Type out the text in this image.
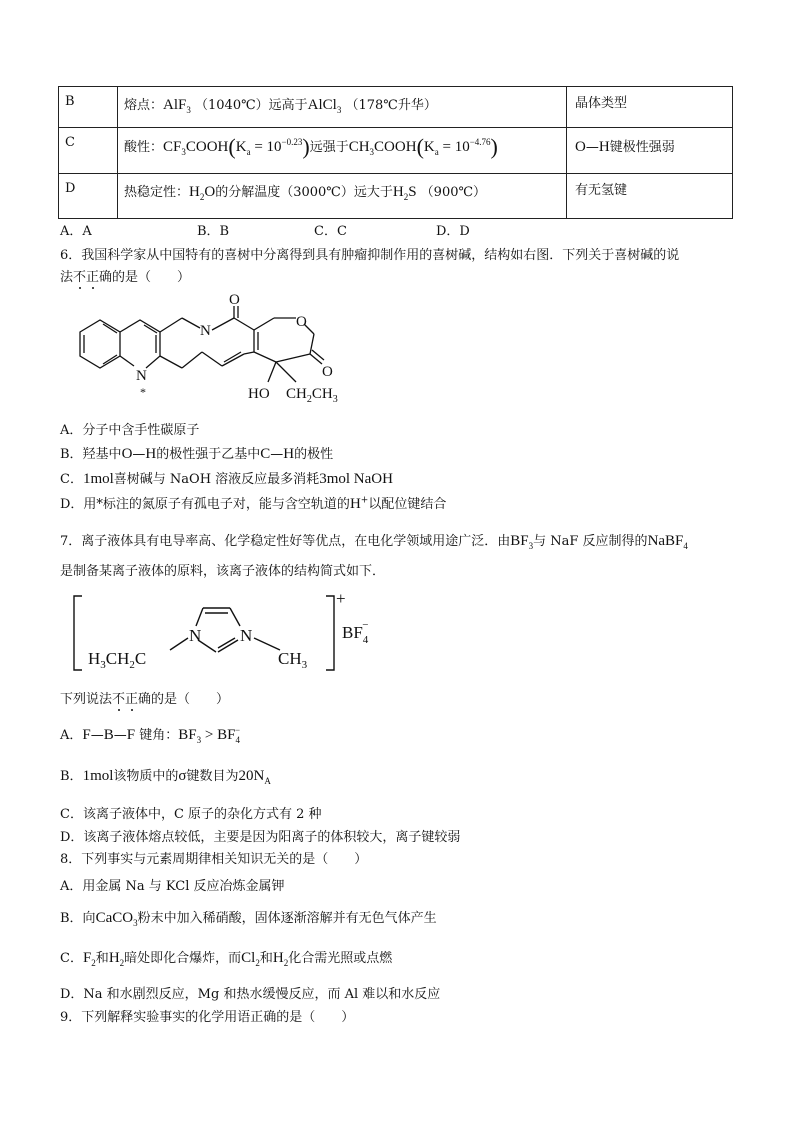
B	熔点：AlF$_3$ （1040℃）远高于AlCl$_3$ （178℃升华）	晶体类型
C	酸性：$CF_3COOH(K_a = 10^{-0.23})$远强于$CH_3COOH(K_a = 10^{-4.76})$	O—H键极性强弱
D	热稳定性：$H_2O$的分解温度（3000℃）远大于$H_2S$ （900℃）	有无氢键
A．A	B．B	C．C	D．D
6．我国科学家从中国特有的喜树中分离得到具有肿瘤抑制作用的喜树碱，结构如右图．下列关于喜树碱的说
法不正确的是（　　）
O
O
O
N
N
*	HO $CH_2CH_3$
A．分子中含手性碳原子
B．羟基中O—H的极性强于乙基中C—H的极性
C．1mol喜树碱与 NaOH 溶液反应最多消耗3mol NaOH
D．用*标注的氮原子有孤电子对，能与含空轨道的H+以配位键结合
7．离子液体具有电导率高、化学稳定性好等优点，在电化学领域用途广泛．由$BF_3$与 NaF 反应制得的NaBF$_4$
是制备某离子液体的原料，该离子液体的结构简式如下．
$H_3CH_2C$
N N
$CH_3$
+
$BF_4-$
下列说法不正确的是（　　）
A．F—B—F 键角：$BF_3 > BF_4^-$
B．1mol该物质中的σ键数目为$20N_A$
C．该离子液体中，C 原子的杂化方式有 2 种
D．该离子液体熔点较低，主要是因为阳离子的体积较大，离子键较弱
8．下列事实与元素周期律相关知识无关的是（　　）
A．用金属 Na 与 KCl 反应冶炼金属钾
B．向CaCO$_3$粉末中加入稀硝酸，固体逐渐溶解并有无色气体产生
C．$F_2$和$H_2$暗处即化合爆炸，而$Cl_2$和$H_2$化合需光照或点燃
D．Na 和水剧烈反应，Mg 和热水缓慢反应，而 Al 难以和水反应
9．下列解释实验事实的化学用语正确的是（　　）
